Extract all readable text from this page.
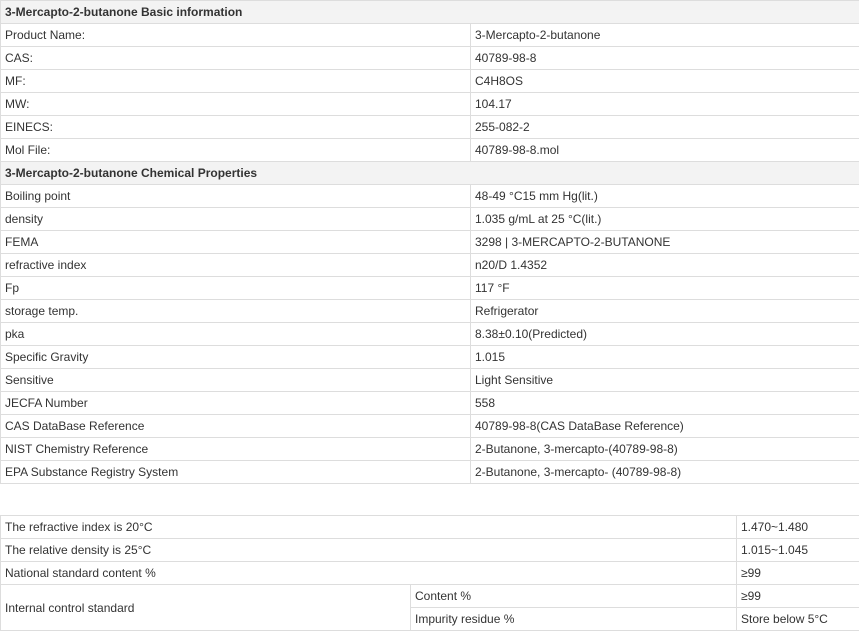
3-Mercapto-2-butanone Basic information	
Product Name:	3-Mercapto-2-butanone
CAS:	40789-98-8
MF:	C4H8OS
MW:	104.17
EINECS:	255-082-2
Mol File:	40789-98-8.mol
3-Mercapto-2-butanone Chemical Properties	
Boiling point	48-49 °C15 mm Hg(lit.)
density	1.035 g/mL at 25 °C(lit.)
FEMA	3298 | 3-MERCAPTO-2-BUTANONE
refractive index	n20/D 1.4352
Fp	117 °F
storage temp.	Refrigerator
pka	8.38±0.10(Predicted)
Specific Gravity	1.015
Sensitive	Light Sensitive
JECFA Number	558
CAS DataBase Reference	40789-98-8(CAS DataBase Reference)
NIST Chemistry Reference	2-Butanone, 3-mercapto-(40789-98-8)
EPA Substance Registry System	2-Butanone, 3-mercapto- (40789-98-8)
The refractive index is 20°C		1.470~1.480
The relative density is 25°C		1.015~1.045
National standard content %		≥99
Internal control standard	Content %	≥99
	Impurity residue %	Store below 5°C
